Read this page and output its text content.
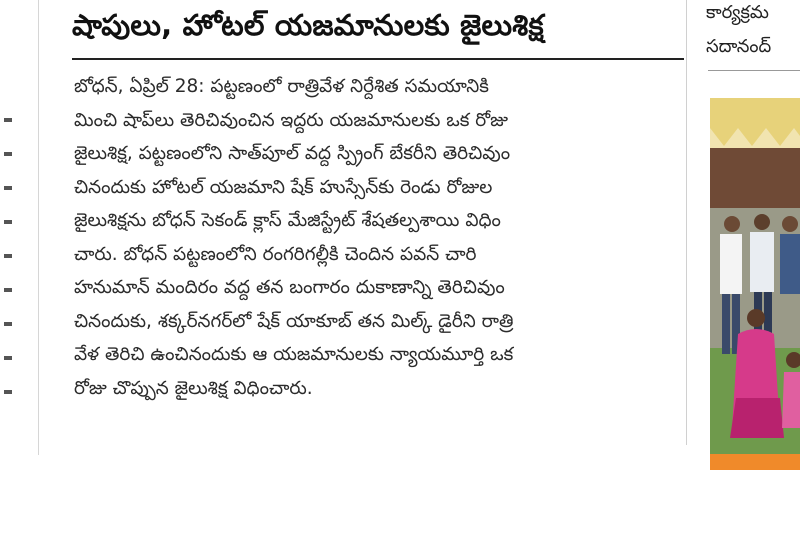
షాపులు, హోటల్ యజమానులకు జైలుశిక్ష
బోధన్, ఏప్రిల్ 28: పట్టణంలో రాత్రివేళ నిర్దేశిత సమయానికి
మించి షాప్‌లు తెరిచివుంచిన ఇద్దరు యజమానులకు ఒక రోజు
జైలుశిక్ష, పట్టణంలోని సాత్‌పూల్ వద్ద స్ప్రింగ్ బేకరీని తెరిచివుం
చినందుకు హోటల్ యజమాని షేక్ హుస్సేన్‌కు రెండు రోజుల
జైలుశిక్షను బోధన్ సెకండ్ క్లాస్ మేజిస్ట్రేట్ శేషతల్పశాయి విధిం
చారు. బోధన్ పట్టణంలోని రంగరిగల్లీకి చెందిన పవన్ చారి
హనుమాన్ మందిరం వద్ద తన బంగారం దుకాణాన్ని తెరిచివుం
చినందుకు, శక్కర్‌నగర్‌లో షేక్ యాకూబ్ తన మిల్క్ డైరీని రాత్రి
వేళ తెరిచి ఉంచినందుకు ఆ యజమానులకు న్యాయమూర్తి ఒక
రోజు చొప్పున జైలుశిక్ష విధించారు.
కార్యక్రమ
సదానంద్
